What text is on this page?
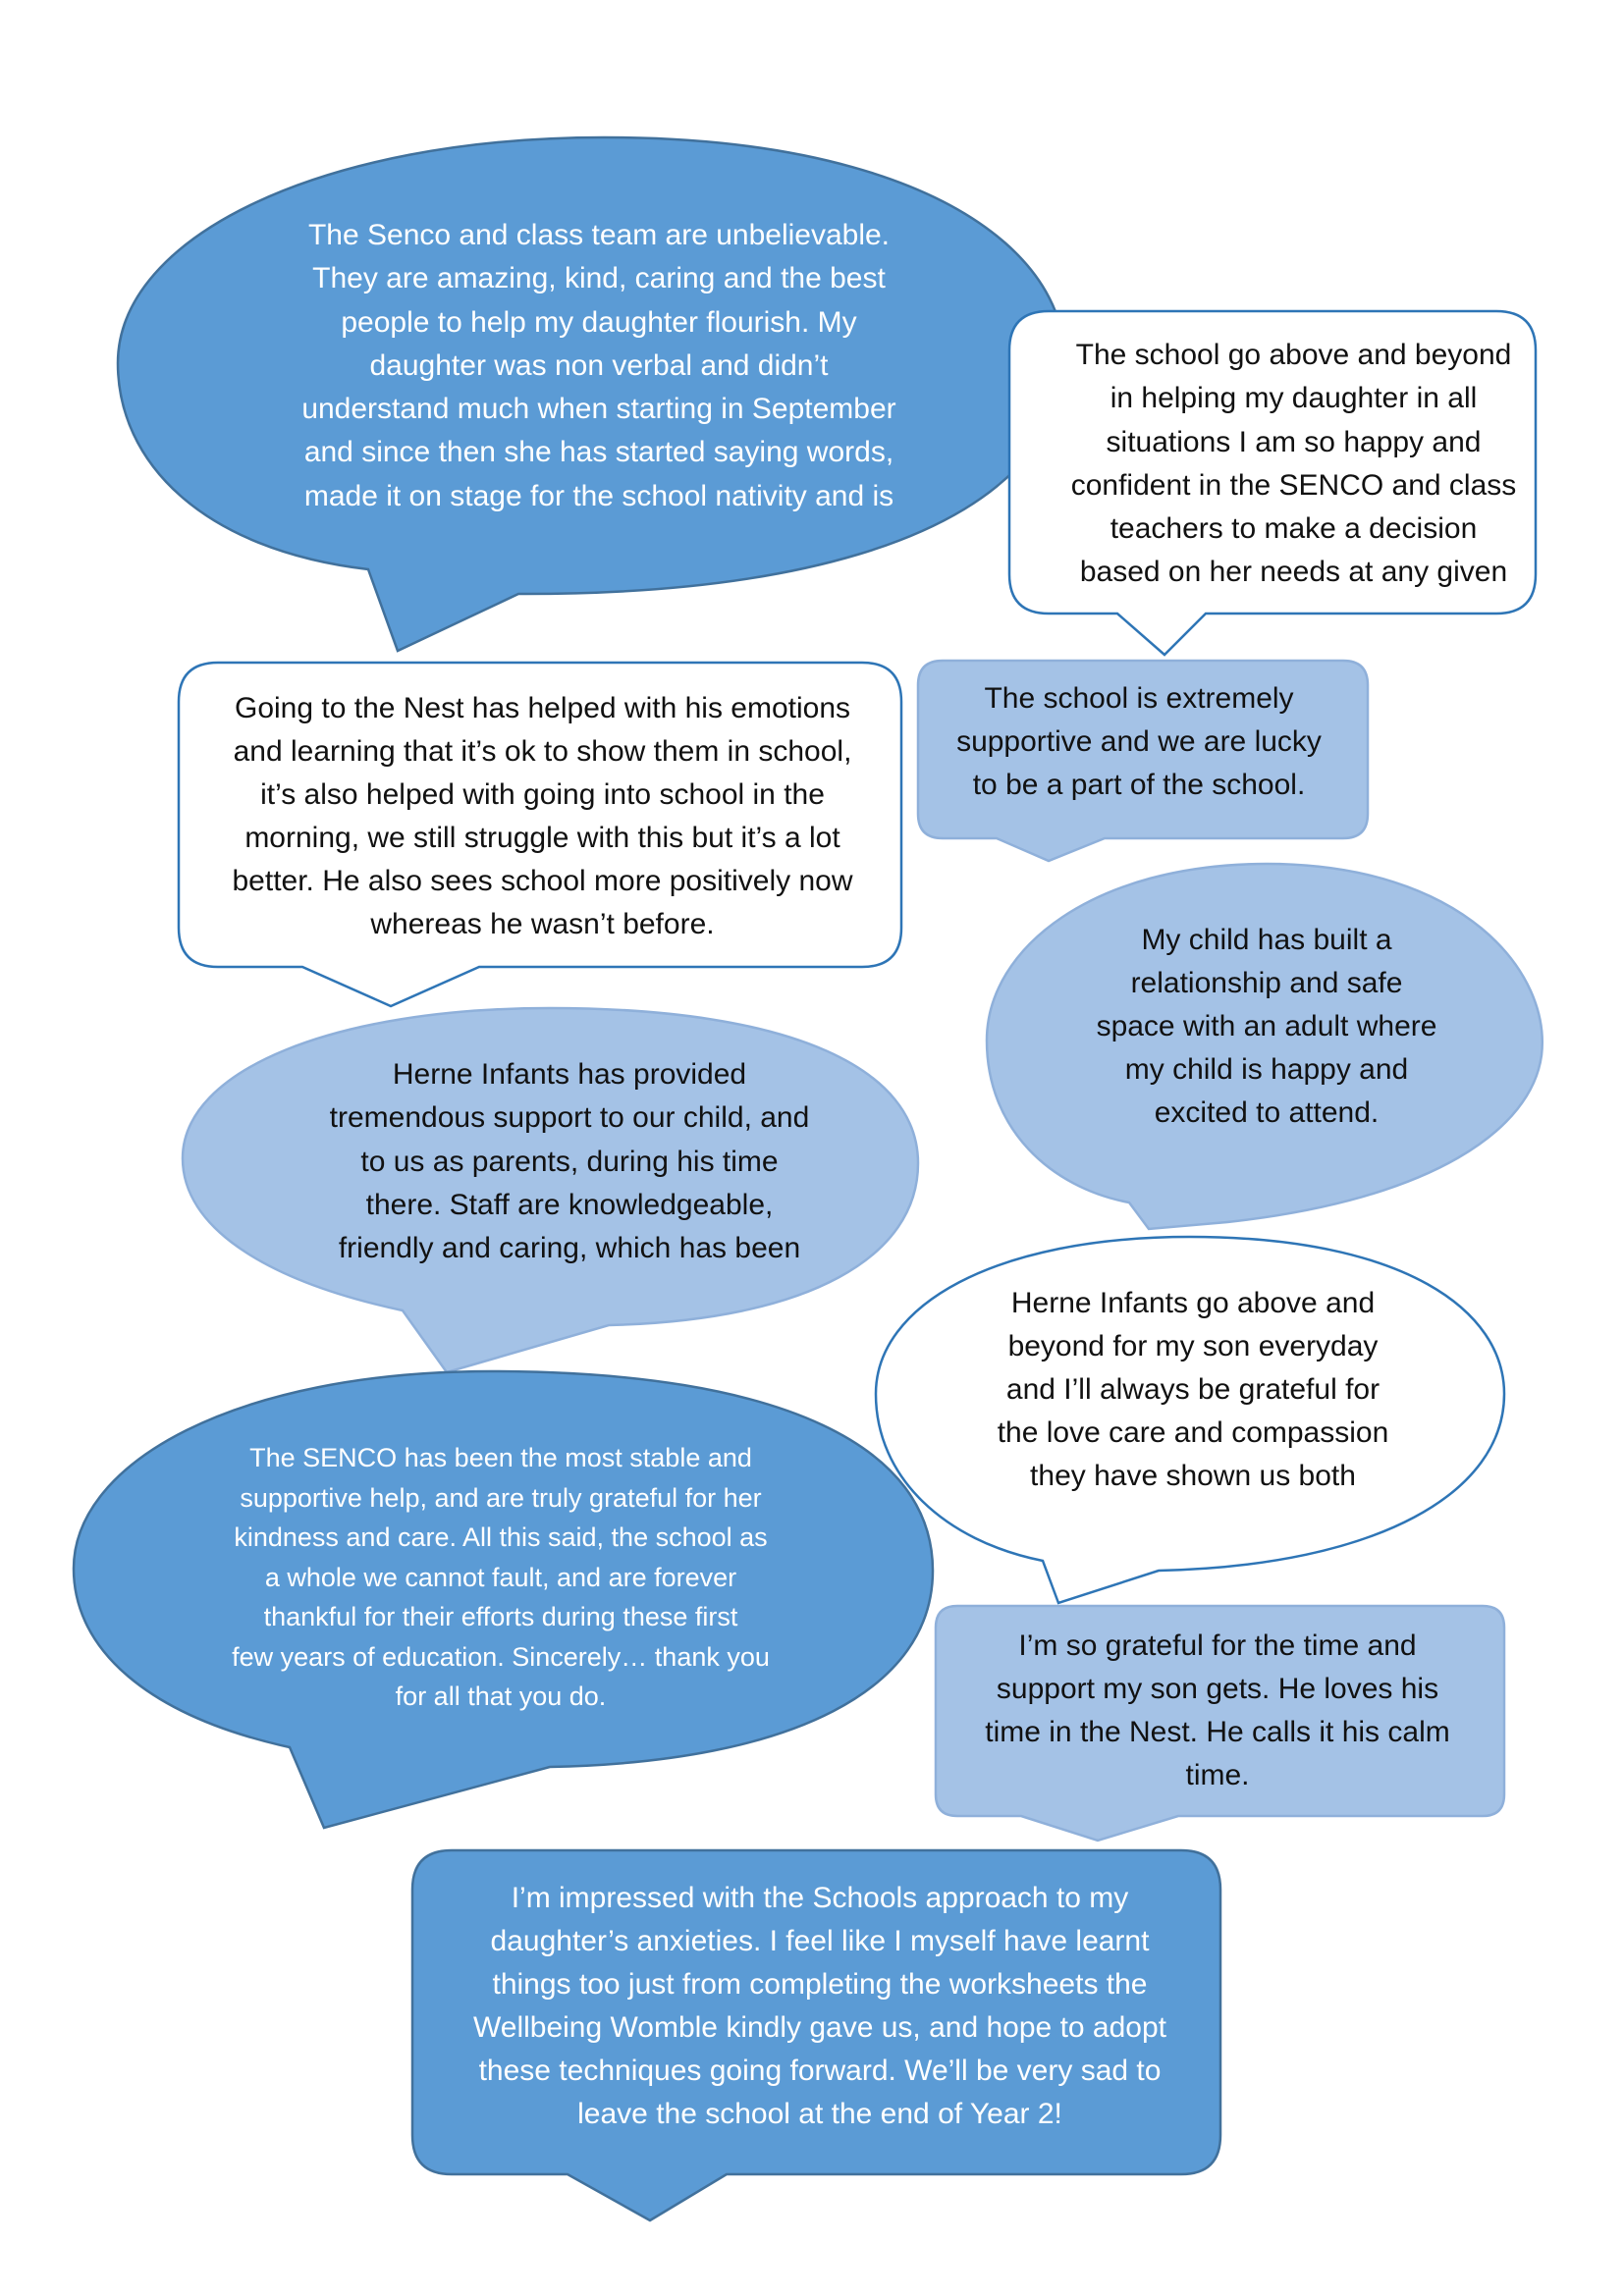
The Senco and class team are unbelievable.
They are amazing, kind, caring and the best
people to help my daughter flourish. My
daughter was non verbal and didn’t
understand much when starting in September
and since then she has started saying words,
made it on stage for the school nativity and is
The school go above and beyond
in helping my daughter in all
situations I am so happy and
confident in the SENCO and class
teachers to make a decision
based on her needs at any given
The school is extremely
supportive and we are lucky
to be a part of the school.
Going to the Nest has helped with his emotions
and learning that it’s ok to show them in school,
it’s also helped with going into school in the
morning, we still struggle with this but it’s a lot
better. He also sees school more positively now
whereas he wasn’t before.	My child has built a
relationship and safe
space with an adult where
my child is happy and
excited to attend.
Herne Infants has provided
tremendous support to our child, and
to us as parents, during his time
there. Staff are knowledgeable,
friendly and caring, which has been
Herne Infants go above and
beyond for my son everyday
and I’ll always be grateful for
the love care and compassion
they have shown us both
The SENCO has been the most stable and
supportive help, and are truly grateful for her
kindness and care. All this said, the school as
a whole we cannot fault, and are forever
thankful for their efforts during these first
few years of education. Sincerely… thank you
for all that you do.
I’m so grateful for the time and
support my son gets. He loves his
time in the Nest. He calls it his calm
time.
I’m impressed with the Schools approach to my
daughter’s anxieties. I feel like I myself have learnt
things too just from completing the worksheets the
Wellbeing Womble kindly gave us, and hope to adopt
these techniques going forward. We’ll be very sad to
leave the school at the end of Year 2!
